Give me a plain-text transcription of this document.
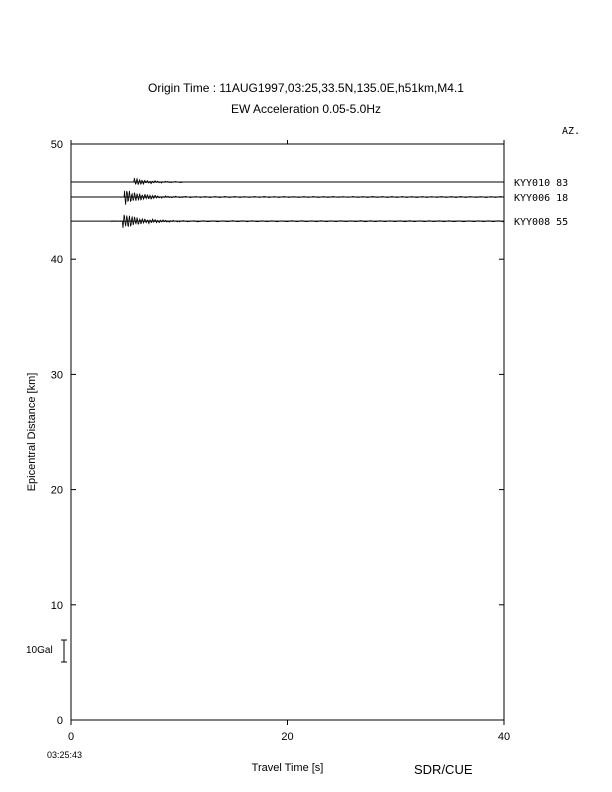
Origin Time : 11AUG1997,03:25,33.5N,135.0E,h51km,M4.1
EW Acceleration 0.05-5.0Hz
0
10
20
30
40
50
0	20	40
Travel Time [s]
Epicentral Distance [km]
KYY010 83
KYY006 18
KYY008 55
AZ.
03:25:43
SDR/CUE
10Gal
